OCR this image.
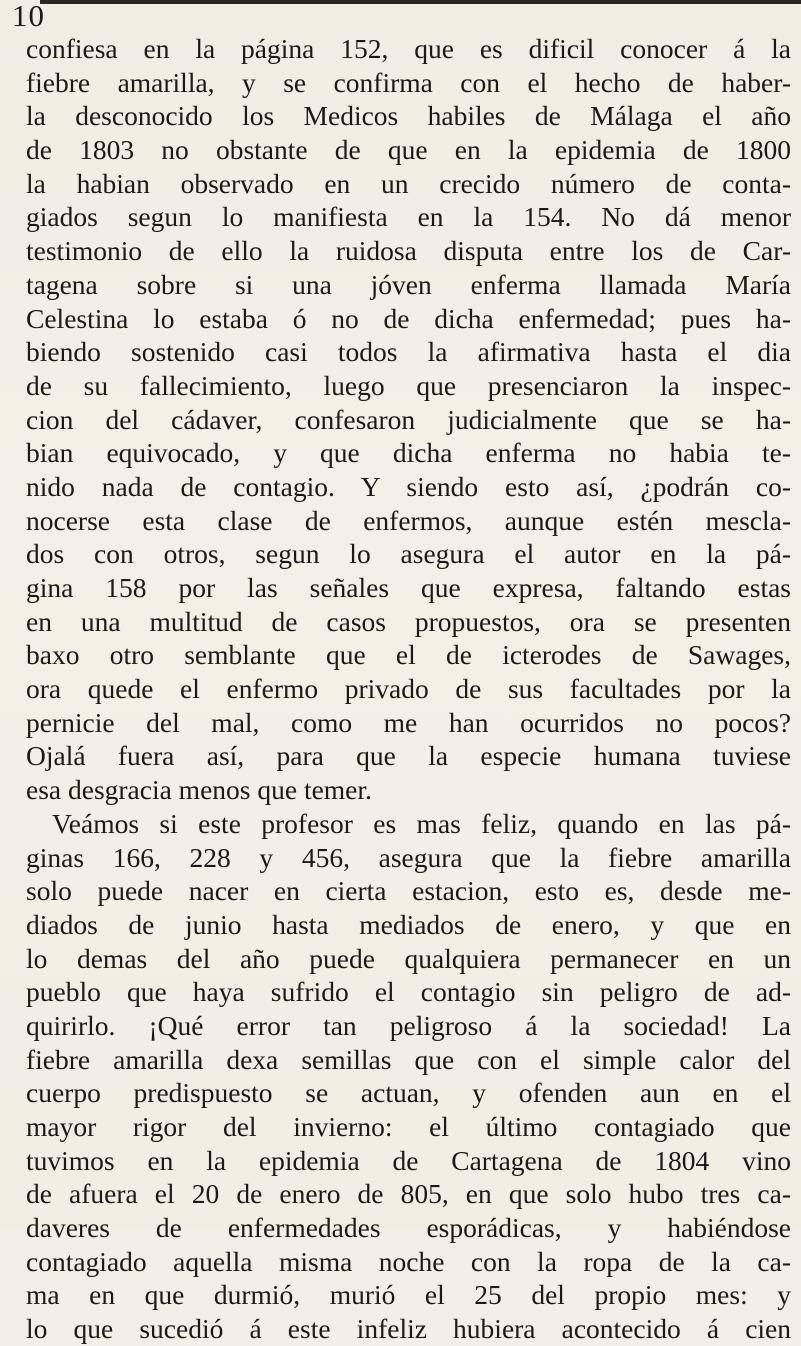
10
confiesa en la página 152, que es dificil conocer á la
fiebre amarilla, y se confirma con el hecho de haber-
la desconocido los Medicos habiles de Málaga el año
de 1803 no obstante de que en la epidemia de 1800
la habian observado en un crecido número de conta-
giados segun lo manifiesta en la 154. No dá menor
testimonio de ello la ruidosa disputa entre los de Car-
tagena sobre si una jóven enferma llamada María
Celestina lo estaba ó no de dicha enfermedad; pues ha-
biendo sostenido casi todos la afirmativa hasta el dia
de su fallecimiento, luego que presenciaron la inspec-
cion del cádaver, confesaron judicialmente que se ha-
bian equivocado, y que dicha enferma no habia te-
nido nada de contagio. Y siendo esto así, ¿podrán co-
nocerse esta clase de enfermos, aunque estén mescla-
dos con otros, segun lo asegura el autor en la pá-
gina 158 por las señales que expresa, faltando estas
en una multitud de casos propuestos, ora se presenten
baxo otro semblante que el de icterodes de Sawages,
ora quede el enfermo privado de sus facultades por la
pernicie del mal, como me han ocurridos no pocos?
Ojalá fuera así, para que la especie humana tuviese
esa desgracia menos que temer.
Veámos si este profesor es mas feliz, quando en las pá-
ginas 166, 228 y 456, asegura que la fiebre amarilla
solo puede nacer en cierta estacion, esto es, desde me-
diados de junio hasta mediados de enero, y que en
lo demas del año puede qualquiera permanecer en un
pueblo que haya sufrido el contagio sin peligro de ad-
quirirlo. ¡Qué error tan peligroso á la sociedad! La
fiebre amarilla dexa semillas que con el simple calor del
cuerpo predispuesto se actuan, y ofenden aun en el
mayor rigor del invierno: el último contagiado que
tuvimos en la epidemia de Cartagena de 1804 vino
de afuera el 20 de enero de 805, en que solo hubo tres ca-
daveres de enfermedades esporádicas, y habiéndose
contagiado aquella misma noche con la ropa de la ca-
ma en que durmió, murió el 25 del propio mes: y
lo que sucedió á este infeliz hubiera acontecido á cien
